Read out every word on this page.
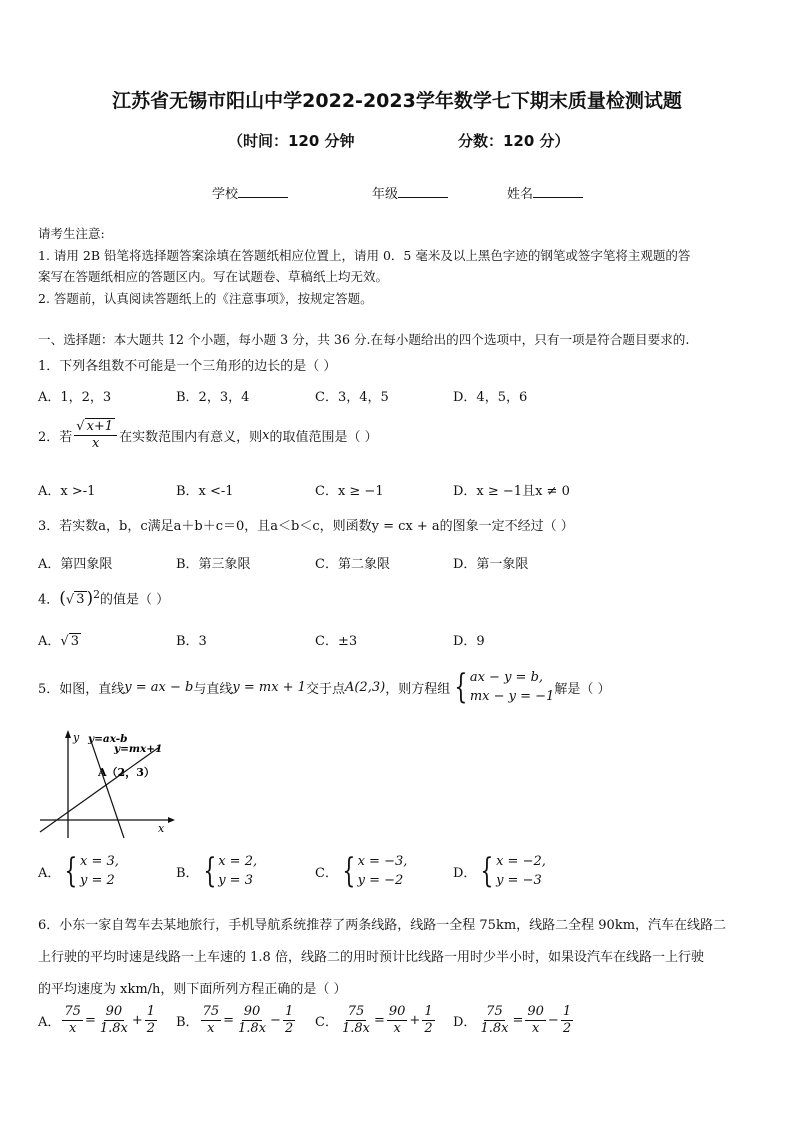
江苏省无锡市阳山中学2022-2023学年数学七下期末质量检测试题
（时间：120 分钟	分数：120 分）
学校	年级	姓名
请考生注意:
1. 请用 2B 铅笔将选择题答案涂填在答题纸相应位置上，请用 0．5 毫米及以上黑色字迹的钢笔或签字笔将主观题的答
案写在答题纸相应的答题区内。写在试题卷、草稿纸上均无效。
2. 答题前，认真阅读答题纸上的《注意事项》，按规定答题。
一、选择题：本大题共 12 个小题，每小题 3 分，共 36 分.在每小题给出的四个选项中，只有一项是符合题目要求的.
1．下列各组数不可能是一个三角形的边长的是（ ）
A．1，2，3	B．2，3，4	C．3，4，5	D．4，5，6
2．若 $\frac{√ x+1}{x}$ 在实数范围内有意义，则 x 的取值范围是（ ）
A．x >-1	B．x <-1	C．x ≥ −1	D．x ≥ −1且x ≠ 0
3．若实数a，b，c满足a＋b＋c＝0，且a＜b＜c，则函数y = cx + a的图象一定不经过（ ）
A．第四象限	B．第三象限	C．第二象限	D．第一象限
4．(√ 3 )$^2$的值是（ ）
A．√ 3	B．3	C．±3	D．9
5．如图，直线 y = ax − b 与直线 y = mx + 1 交于点 A(2,3) ，则方程组 { ax − y = b,
mx − y = −1 解是（ ）
y
x
y=ax-b
y=mx+1
A（2，3）
A． { x = 3,
y = 2	B． { x = 2,
y = 3	C． { x = −3,
y = −2	D． { x = −2,
y = −3
6．小东一家自驾车去某地旅行，手机导航系统推荐了两条线路，线路一全程 75km，线路二全程 90km，汽车在线路二
上行驶的平均时速是线路一上车速的 1.8 倍，线路二的用时预计比线路一用时少半小时，如果设汽车在线路一上行驶
的平均速度为 xkm/h，则下面所列方程正确的是（ ）
A． $\frac{75}{x} = \frac{90}{1.8x} + \frac{1}{2}$ B． $\frac{75}{x} = \frac{90}{1.8x} - \frac{1}{2}$ C． $\frac{75}{1.8x} = \frac{90}{x} + \frac{1}{2}$ D． $\frac{75}{1.8x} = \frac{90}{x} - \frac{1}{2}$
